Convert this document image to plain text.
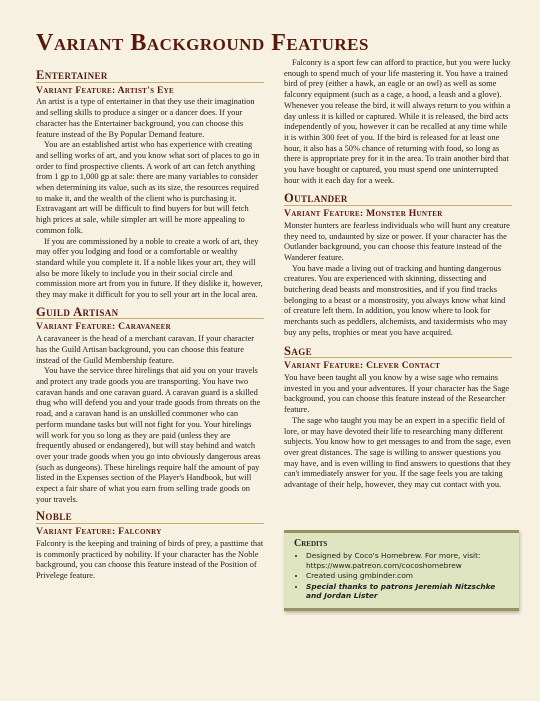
Variant Background Features
Entertainer
Variant Feature: Artist's Eye

An artist is a type of entertainer in that they use their imagination and selling skills to produce a singer or a dancer does. If your character has the Entertainer background, you can choose this feature instead of the By Popular Demand feature.

You are an established artist who has experience with creating and selling works of art, and you know what sort of places to go in order to find prospective clients. A work of art can fetch anything from 1 gp to 1,000 gp at sale: there are many variables to consider when determining its value, such as its size, the resources required to make it, and the wealth of the client who is purchasing it. Extravagant art will be difficult to find buyers for but will fetch high prices at sale, while simpler art will be more appealing to common folk.

If you are commissioned by a noble to create a work of art, they may offer you lodging and food or a comfortable or wealthy standard while you complete it. If a noble likes your art, they will also be more likely to include you in their social circle and commission more art from you in future. If they dislike it, however, they may make it difficult for you to sell your art in the local area.

Guild Artisan
Variant Feature: Caravaneer

A caravaneer is the head of a merchant caravan. If your character has the Guild Artisan background, you can choose this feature instead of the Guild Membership feature.

You have the service three hirelings that aid you on your travels and protect any trade goods you are transporting. You have two caravan hands and one caravan guard. A caravan guard is a skilled thug who will defend you and your trade goods from threats on the road, and a caravan hand is an unskilled commoner who can perform mundane tasks but will not fight for you. Your hirelings will work for you so long as they are paid (unless they are frequently abused or endangered), but will stay behind and watch over your trade goods when you go into obviously dangerous areas (such as dungeons). These hirelings require half the amount of pay listed in the Expenses section of the Player's Handbook, but will expect a fair share of what you earn from selling trade goods on your travels.

Noble
Variant Feature: Falconry

Falconry is the keeping and training of birds of prey, a pasttime that is commonly practiced by nobility. If your character has the Noble background, you can choose this feature instead of the Position of Privelege feature.

Falconry is a sport few can afford to practice, but you were lucky enough to spend much of your life mastering it. You have a trained bird of prey (either a hawk, an eagle or an owl) as well as some falconry equipment (such as a cage, a hood, a leash and a glove). Whenever you release the bird, it will always return to you within a day unless it is killed or captured. While it is released, the bird acts independently of you, however it can be recalled at any time while it is within 300 feet of you. If the bird is released for at least one hour, it also has a 50% chance of returning with food, so long as there is appropriate prey for it in the area. To train another bird that you have bought or captured, you must spend one uninterrupted hour with it each day for a week.

Outlander
Variant Feature: Monster Hunter

Monster hunters are fearless individuals who will hunt any creature they need to, undaunted by size or power. If your character has the Outlander background, you can choose this feature instead of the Wanderer feature.

You have made a living out of tracking and hunting dangerous creatures. You are experienced with skinning, dissecting and butchering dead beasts and monstrosities, and if you find tracks belonging to a beast or a monstrosity, you always know what kind of creature left them. In addition, you know where to look for merchants such as peddlers, alchemists, and taxidermists who may buy any pelts, trophies or meat you have acquired.

Sage
Variant Feature: Clever Contact

You have been taught all you know by a wise sage who remains invested in you and your adventures. If your character has the Sage background, you can choose this feature instead of the Researcher feature.

The sage who taught you may be an expert in a specific field of lore, or may have devoted their life to researching many different subjects. You know how to get messages to and from the sage, even over great distances. The sage is willing to answer questions you may have, and is even willing to find answers to questions that they can't immediately answer for you. If the sage feels you are taking advantage of their help, however, they may cut contact with you.

Credits
• Designed by Coco's Homebrew. For more, visit: https://www.patreon.com/cocoshomebrew
• Created using gmbinder.com
• Special thanks to patrons Jeremiah Nitzschke and Jordan Lister
